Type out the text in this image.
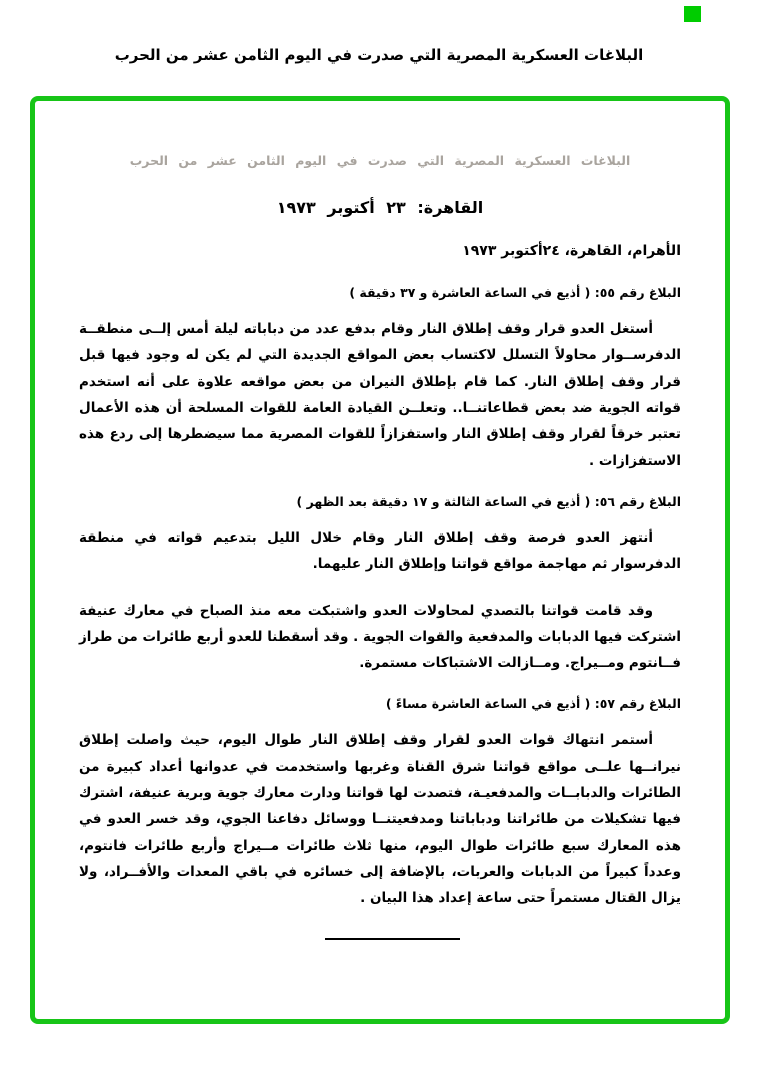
البلاغات العسكرية المصرية التي صدرت في اليوم الثامن عشر من الحرب
البلاغات العسكرية المصرية التي صدرت في اليوم الثامن عشر من الحرب
القاهرة: ٢٣ أكتوبر ١٩٧٣
الأهرام، القاهرة، ٢٤أكتوبر ١٩٧٣
البلاغ رقم ٥٥: ( أذيع في الساعة العاشرة و ٣٧ دقيقة )

أستغل العدو قرار وقف إطلاق النار وقام بدفع عدد من دباباته ليلة أمس إلــى منطقــة الدفرســوار محاولاً التسلل لاكتساب بعض المواقع الجديدة التي لم يكن له وجود فيها قبل قرار وقف إطلاق النار. كما قام بإطلاق النيران من بعض مواقعه علاوة على أنه استخدم قواته الجوية ضد بعض قطاعاتنــا.. وتعلــن القيادة العامة للقوات المسلحة أن هذه الأعمال تعتبر خرقاً لقرار وقف إطلاق النار واستفزازاً للقوات المصرية مما سيضطرها إلى ردع هذه الاستفزازات .

البلاغ رقم ٥٦: ( أذيع في الساعة الثالثة و ١٧ دقيقة بعد الظهر )

أنتهز العدو فرصة وقف إطلاق النار وقام خلال الليل بتدعيم قواته في منطقة الدفرسوار ثم مهاجمة مواقع قواتنا وإطلاق النار عليهما.

وقد قامت قواتنا بالتصدي لمحاولات العدو واشتبكت معه منذ الصباح في معارك عنيفة اشتركت فيها الدبابات والمدفعية والقوات الجوية . وقد أسقطنا للعدو أربع طائرات من طراز فــانتوم ومــيراج. ومــازالت الاشتباكات مستمرة.

البلاغ رقم ٥٧: ( أذيع في الساعة العاشرة مساءً )

أستمر انتهاك قوات العدو لقرار وقف إطلاق النار طوال اليوم، حيث واصلت إطلاق نيرانــها علــى مواقع قواتنا شرق القناة وغربها واستخدمت في عدوانها أعداد كبيرة من الطائرات والدبابــات والمدفعيـة، فتصدت لها قواتنا ودارت معارك جوية وبرية عنيفة، اشترك فيها تشكيلات من طائراتنا ودباباتنا ومدفعيتنــا ووسائل دفاعنا الجوي، وقد خسر العدو في هذه المعارك سبع طائرات طوال اليوم، منها ثلاث طائرات مــيراج وأربع طائرات فانتوم، وعدداً كبيراً من الدبابات والعربات، بالإضافة إلى خسائره في باقي المعدات والأفــراد، ولا يزال القتال مستمراً حتى ساعة إعداد هذا البيان .
